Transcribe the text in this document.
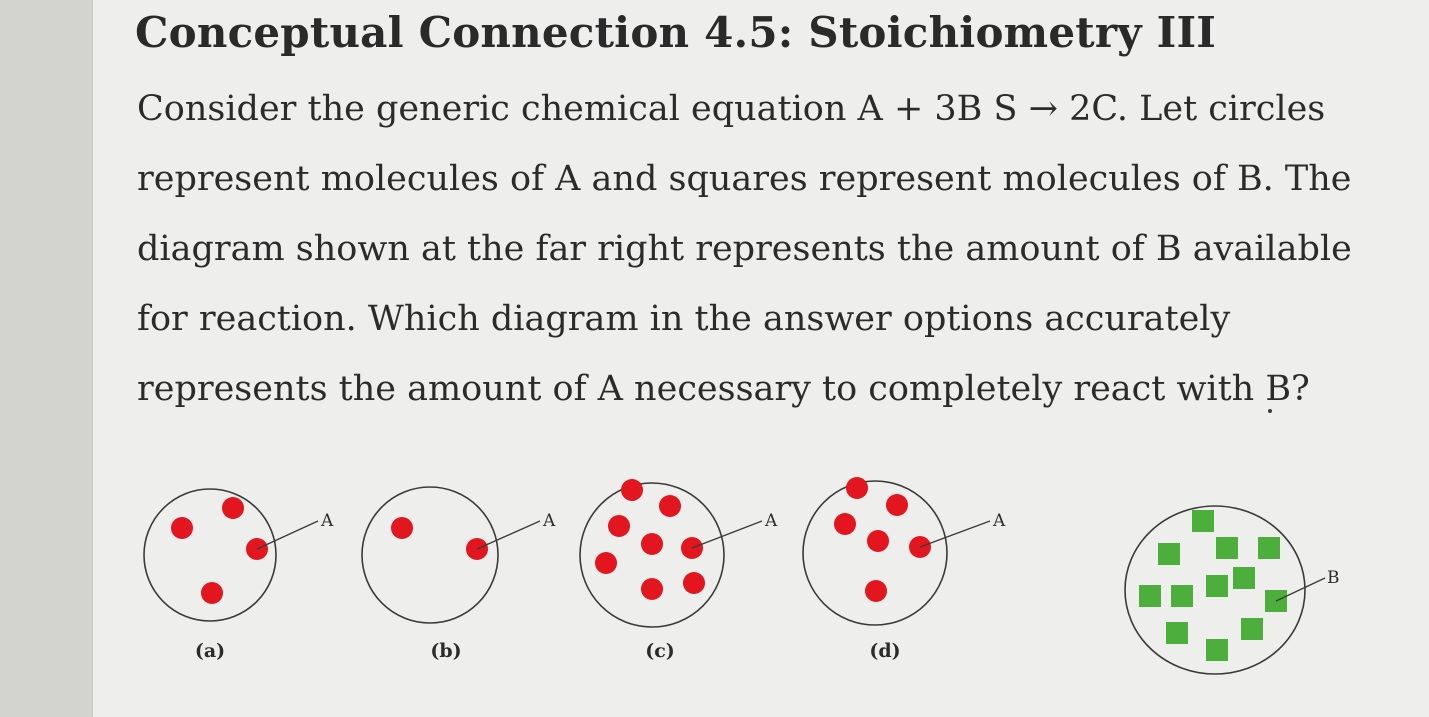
Conceptual Connection 4.5: Stoichiometry III
Consider the generic chemical equation A + 3B S → 2C. Let circles
represent molecules of A and squares represent molecules of B. The
diagram shown at the far right represents the amount of B available
for reaction. Which diagram in the answer options accurately
represents the amount of A necessary to completely react with B?
A
(a)
A
(b)
A
(c)
A
(d)
B
